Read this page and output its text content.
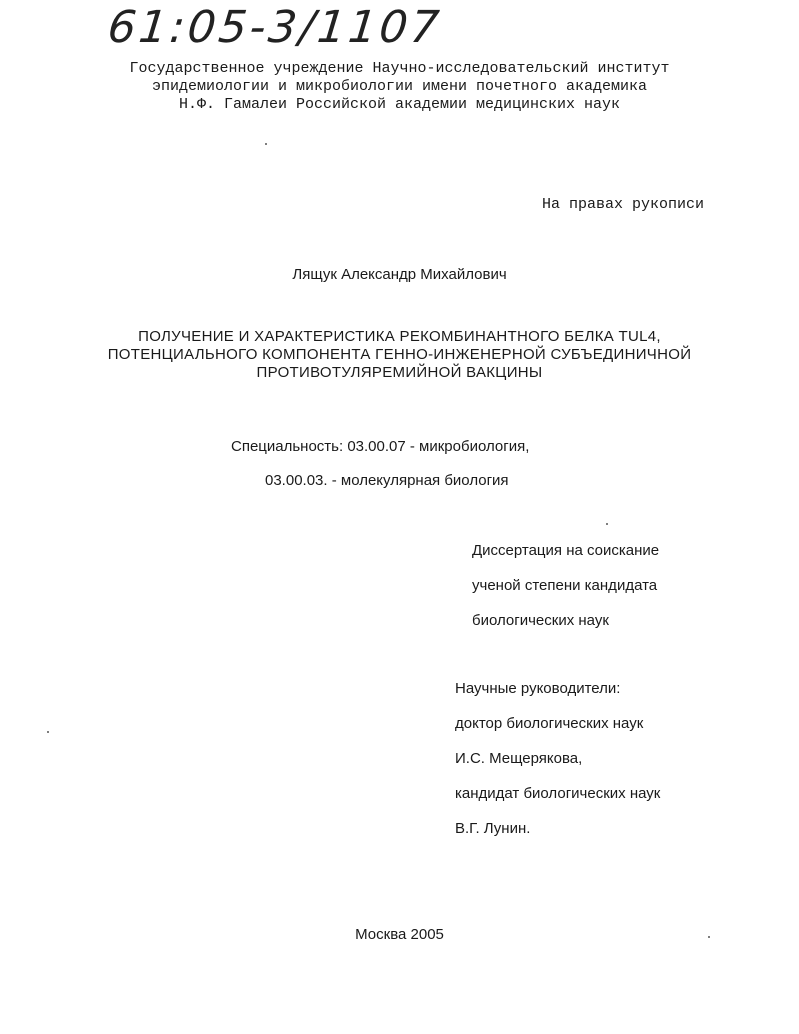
61:05-3/1107
Государственное учреждение Научно-исследовательский институт
эпидемиологии и микробиологии имени почетного академика
Н.Ф. Гамалеи Российской академии медицинских наук
На правах рукописи
Лящук Александр Михайлович
ПОЛУЧЕНИЕ И ХАРАКТЕРИСТИКА РЕКОМБИНАНТНОГО БЕЛКА TUL4,
ПОТЕНЦИАЛЬНОГО КОМПОНЕНТА ГЕННО-ИНЖЕНЕРНОЙ СУБЪЕДИНИЧНОЙ
ПРОТИВОТУЛЯРЕМИЙНОЙ ВАКЦИНЫ
Специальность: 03.00.07 - микробиология,
03.00.03. - молекулярная биология
Диссертация на соискание
ученой степени кандидата
биологических наук
Научные руководители:
доктор биологических наук
И.С. Мещерякова,
кандидат биологических наук
В.Г. Лунин.
Москва 2005
